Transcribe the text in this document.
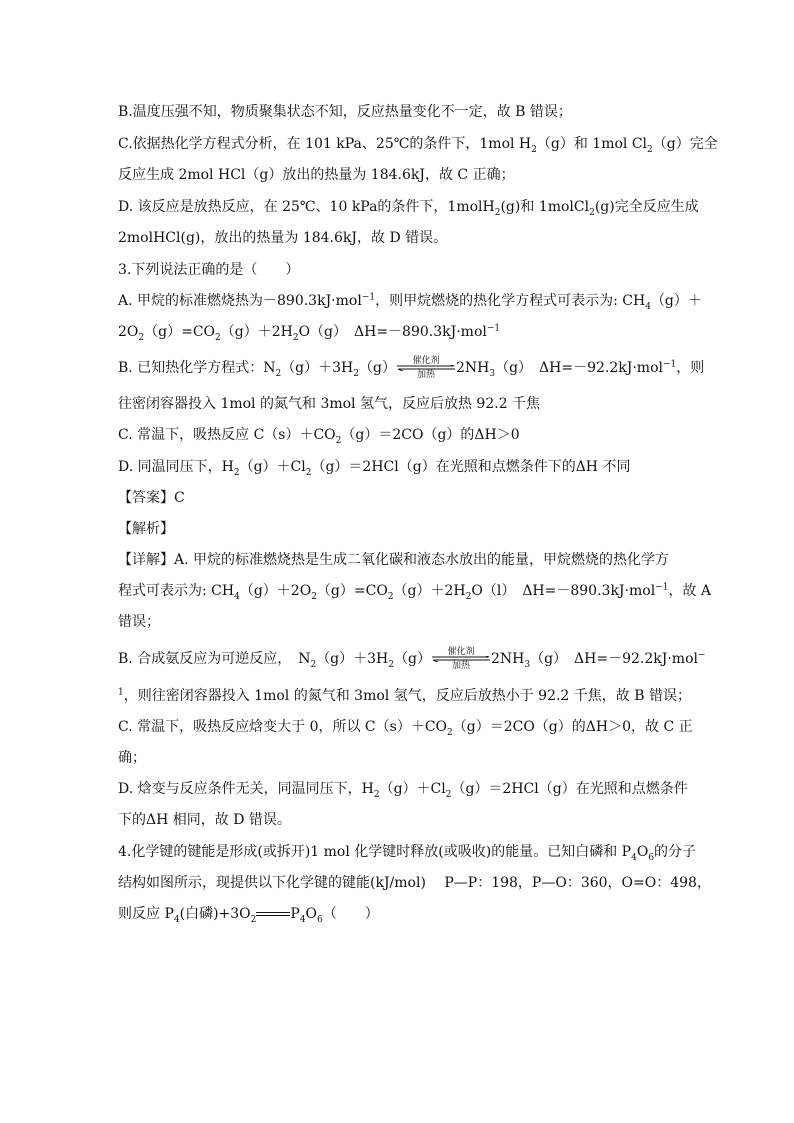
B.温度压强不知，物质聚集状态不知，反应热量变化不一定，故 B 错误；
C.依据热化学方程式分析，在 101 kPa、25℃的条件下，1mol $H_2(g)$和 1mol $Cl_2(g)$完全
反应生成 2mol HCl（g）放出的热量为 184.6kJ，故 C 正确；
D. 该反应是放热反应，在 25℃、10 kPa的条件下，1molH$_2$(g)和 1molCl$_2$(g)完全反应生成
2molHCl(g)，放出的热量为 184.6kJ，故 D 错误。
3.下列说法正确的是（　　）
A. 甲烷的标准燃烧热为－890.3kJ·mol$^{-1}$，则甲烷燃烧的热化学方程式可表示为: $CH_4(g)+$
$2O_2(g)=CO_2(g)+2H_2O(g)$　ΔH=－890.3kJ·mol$^{-1}$
B. 已知热化学方程式：$N_2(g)+3H_2(g)$	催化剂
加热	$2NH_3(g)$　ΔH=－92.2kJ·mol$^{-1}$，则
往密闭容器投入 1mol 的氮气和 3mol 氢气，反应后放热 92.2 千焦
C. 常温下，吸热反应 $C(s)+CO_2(g)=2CO(g)$的ΔH＞0
D. 同温同压下，$H_2(g)+Cl_2(g)=2HCl(g)$在光照和点燃条件下的ΔH 不同
【答案】C
【解析】
【详解】A. 甲烷的标准燃烧热是生成二氧化碳和液态水放出的能量，甲烷燃烧的热化学方
程式可表示为: $CH_4(g)+2O_2(g)=CO_2(g)+2H_2O(l)$　ΔH=－890.3kJ·mol$^{-1}$，故 A
错误；
B. 合成氨反应为可逆反应，　$N_2(g)+3H_2(g)$	催化剂
加热	$2NH_3(g)$　ΔH=－92.2kJ·mol−
$^1$，则往密闭容器投入 1mol 的氮气和 3mol 氢气，反应后放热小于 92.2 千焦，故 B 错误；
C. 常温下，吸热反应焓变大于 0，所以 $C(s)+CO_2(g)=2CO(g)$的ΔH＞0，故 C 正
确；
D. 焓变与反应条件无关，同温同压下，$H_2(g)+Cl_2(g)=2HCl(g)$在光照和点燃条件
下的ΔH 相同，故 D 错误。
4.化学键的键能是形成(或拆开)1 mol 化学键时释放(或吸收)的能量。已知白磷和 $P_4O_6$的分子
结构如图所示，现提供以下化学键的键能(kJ/mol)　 P—P：198，P—O：360，O=O：498，
则反应 $P_4$(白磷)$+3O_2$ $P_4O_6$（　　）
